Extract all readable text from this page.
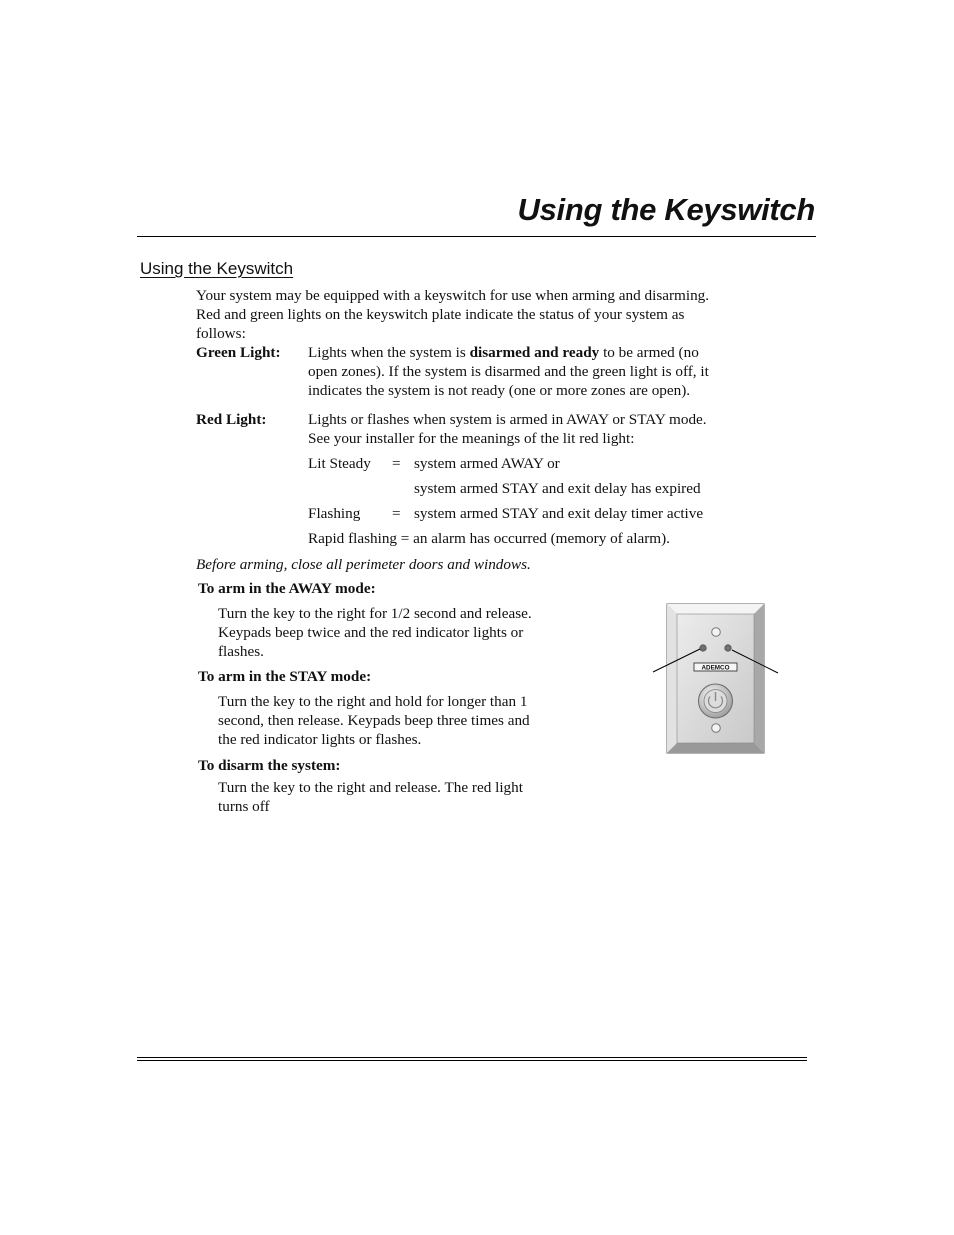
Using the Keyswitch
Using the Keyswitch
Your system may be equipped with a keyswitch for use when arming and disarming.
Red and green lights on the keyswitch plate indicate the status of your system as
follows:
Green Light: Lights when the system is disarmed and ready to be armed (no
open zones). If the system is disarmed and the green light is off, it
indicates the system is not ready (one or more zones are open).
Red Light:	Lights or flashes when system is armed in AWAY or STAY mode.
See your installer for the meanings of the lit red light:
Lit Steady = system armed AWAY or
system armed STAY and exit delay has expired
Flashing = system armed STAY and exit delay timer active
Rapid flashing = an alarm has occurred (memory of alarm).
Before arming, close all perimeter doors and windows.
To arm in the AWAY mode:
Turn the key to the right for 1/2 second and release.
Keypads beep twice and the red indicator lights or
flashes.
To arm in the STAY mode:
Turn the key to the right and hold for longer than 1
second, then release. Keypads beep three times and
the red indicator lights or flashes.
To disarm the system:
Turn the key to the right and release. The red light
turns off
ADEMCO
